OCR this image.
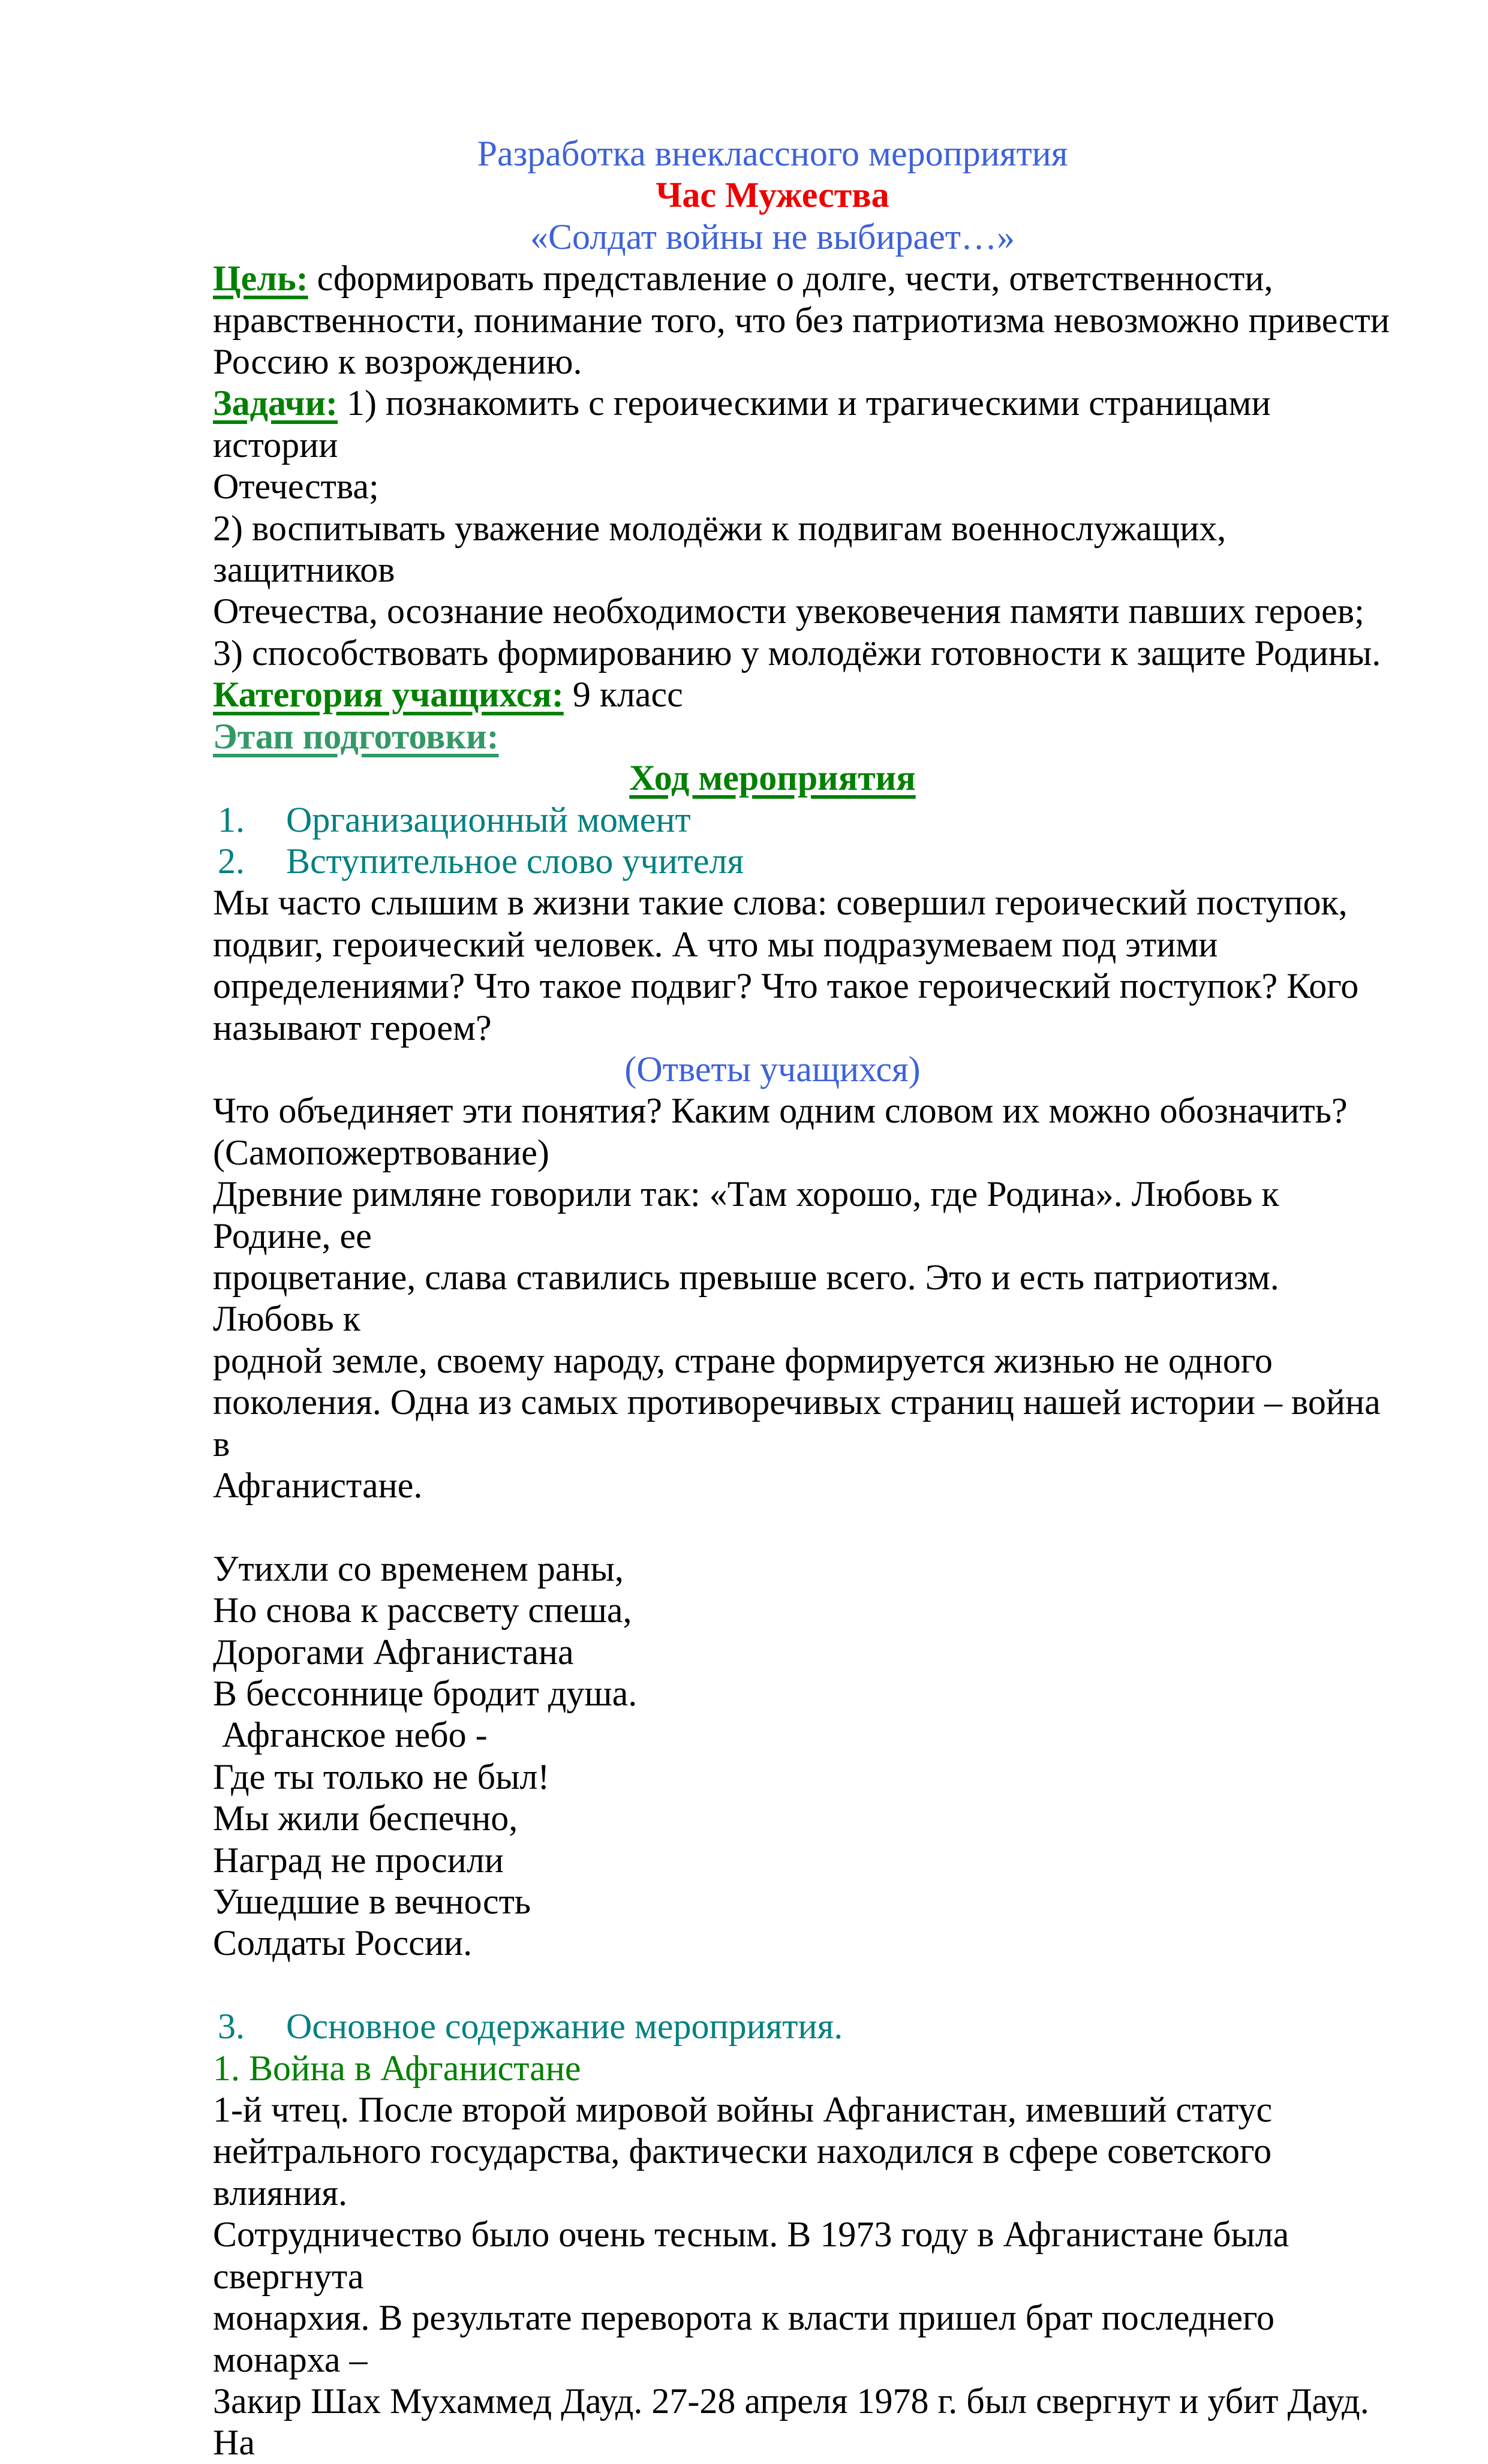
Разработка внеклассного мероприятия
Час Мужества
«Солдат войны не выбирает…»
Цель: сформировать представление о долге, чести, ответственности,
нравственности, понимание того, что без патриотизма невозможно привести
Россию к возрождению.
Задачи: 1) познакомить с героическими и трагическими страницами истории
Отечества;
2) воспитывать уважение молодёжи к подвигам военнослужащих, защитников
Отечества, осознание необходимости увековечения памяти павших героев;
3) способствовать формированию у молодёжи готовности к защите Родины.
Категория учащихся: 9 класс
Этап подготовки:
Ход мероприятия
1. Организационный момент
2. Вступительное слово учителя
Мы часто слышим в жизни такие слова: совершил героический поступок,
подвиг, героический человек. А что мы подразумеваем под этими
определениями? Что такое подвиг? Что такое героический поступок? Кого
называют героем?
(Ответы учащихся)
Что объединяет эти понятия? Каким одним словом их можно обозначить?
(Самопожертвование)
Древние римляне говорили так: «Там хорошо, где Родина». Любовь к Родине, ее
процветание, слава ставились превыше всего. Это и есть патриотизм. Любовь к
родной земле, своему народу, стране формируется жизнью не одного
поколения. Одна из самых противоречивых страниц нашей истории – война в
Афганистане.
Утихли со временем раны,
Но снова к рассвету спеша,
Дорогами Афганистана
В бессоннице бродит душа.
Афганское небо -
Где ты только не был!
Мы жили беспечно,
Наград не просили
Ушедшие в вечность
Солдаты России.
3. Основное содержание мероприятия.
1. Война в Афганистане
1-й чтец. После второй мировой войны Афганистан, имевший статус
нейтрального государства, фактически находился в сфере советского влияния.
Сотрудничество было очень тесным. В 1973 году в Афганистане была свергнута
монархия. В результате переворота к власти пришел брат последнего монарха –
Закир Шах Мухаммед Дауд. 27-28 апреля 1978 г. был свергнут и убит Дауд. На
